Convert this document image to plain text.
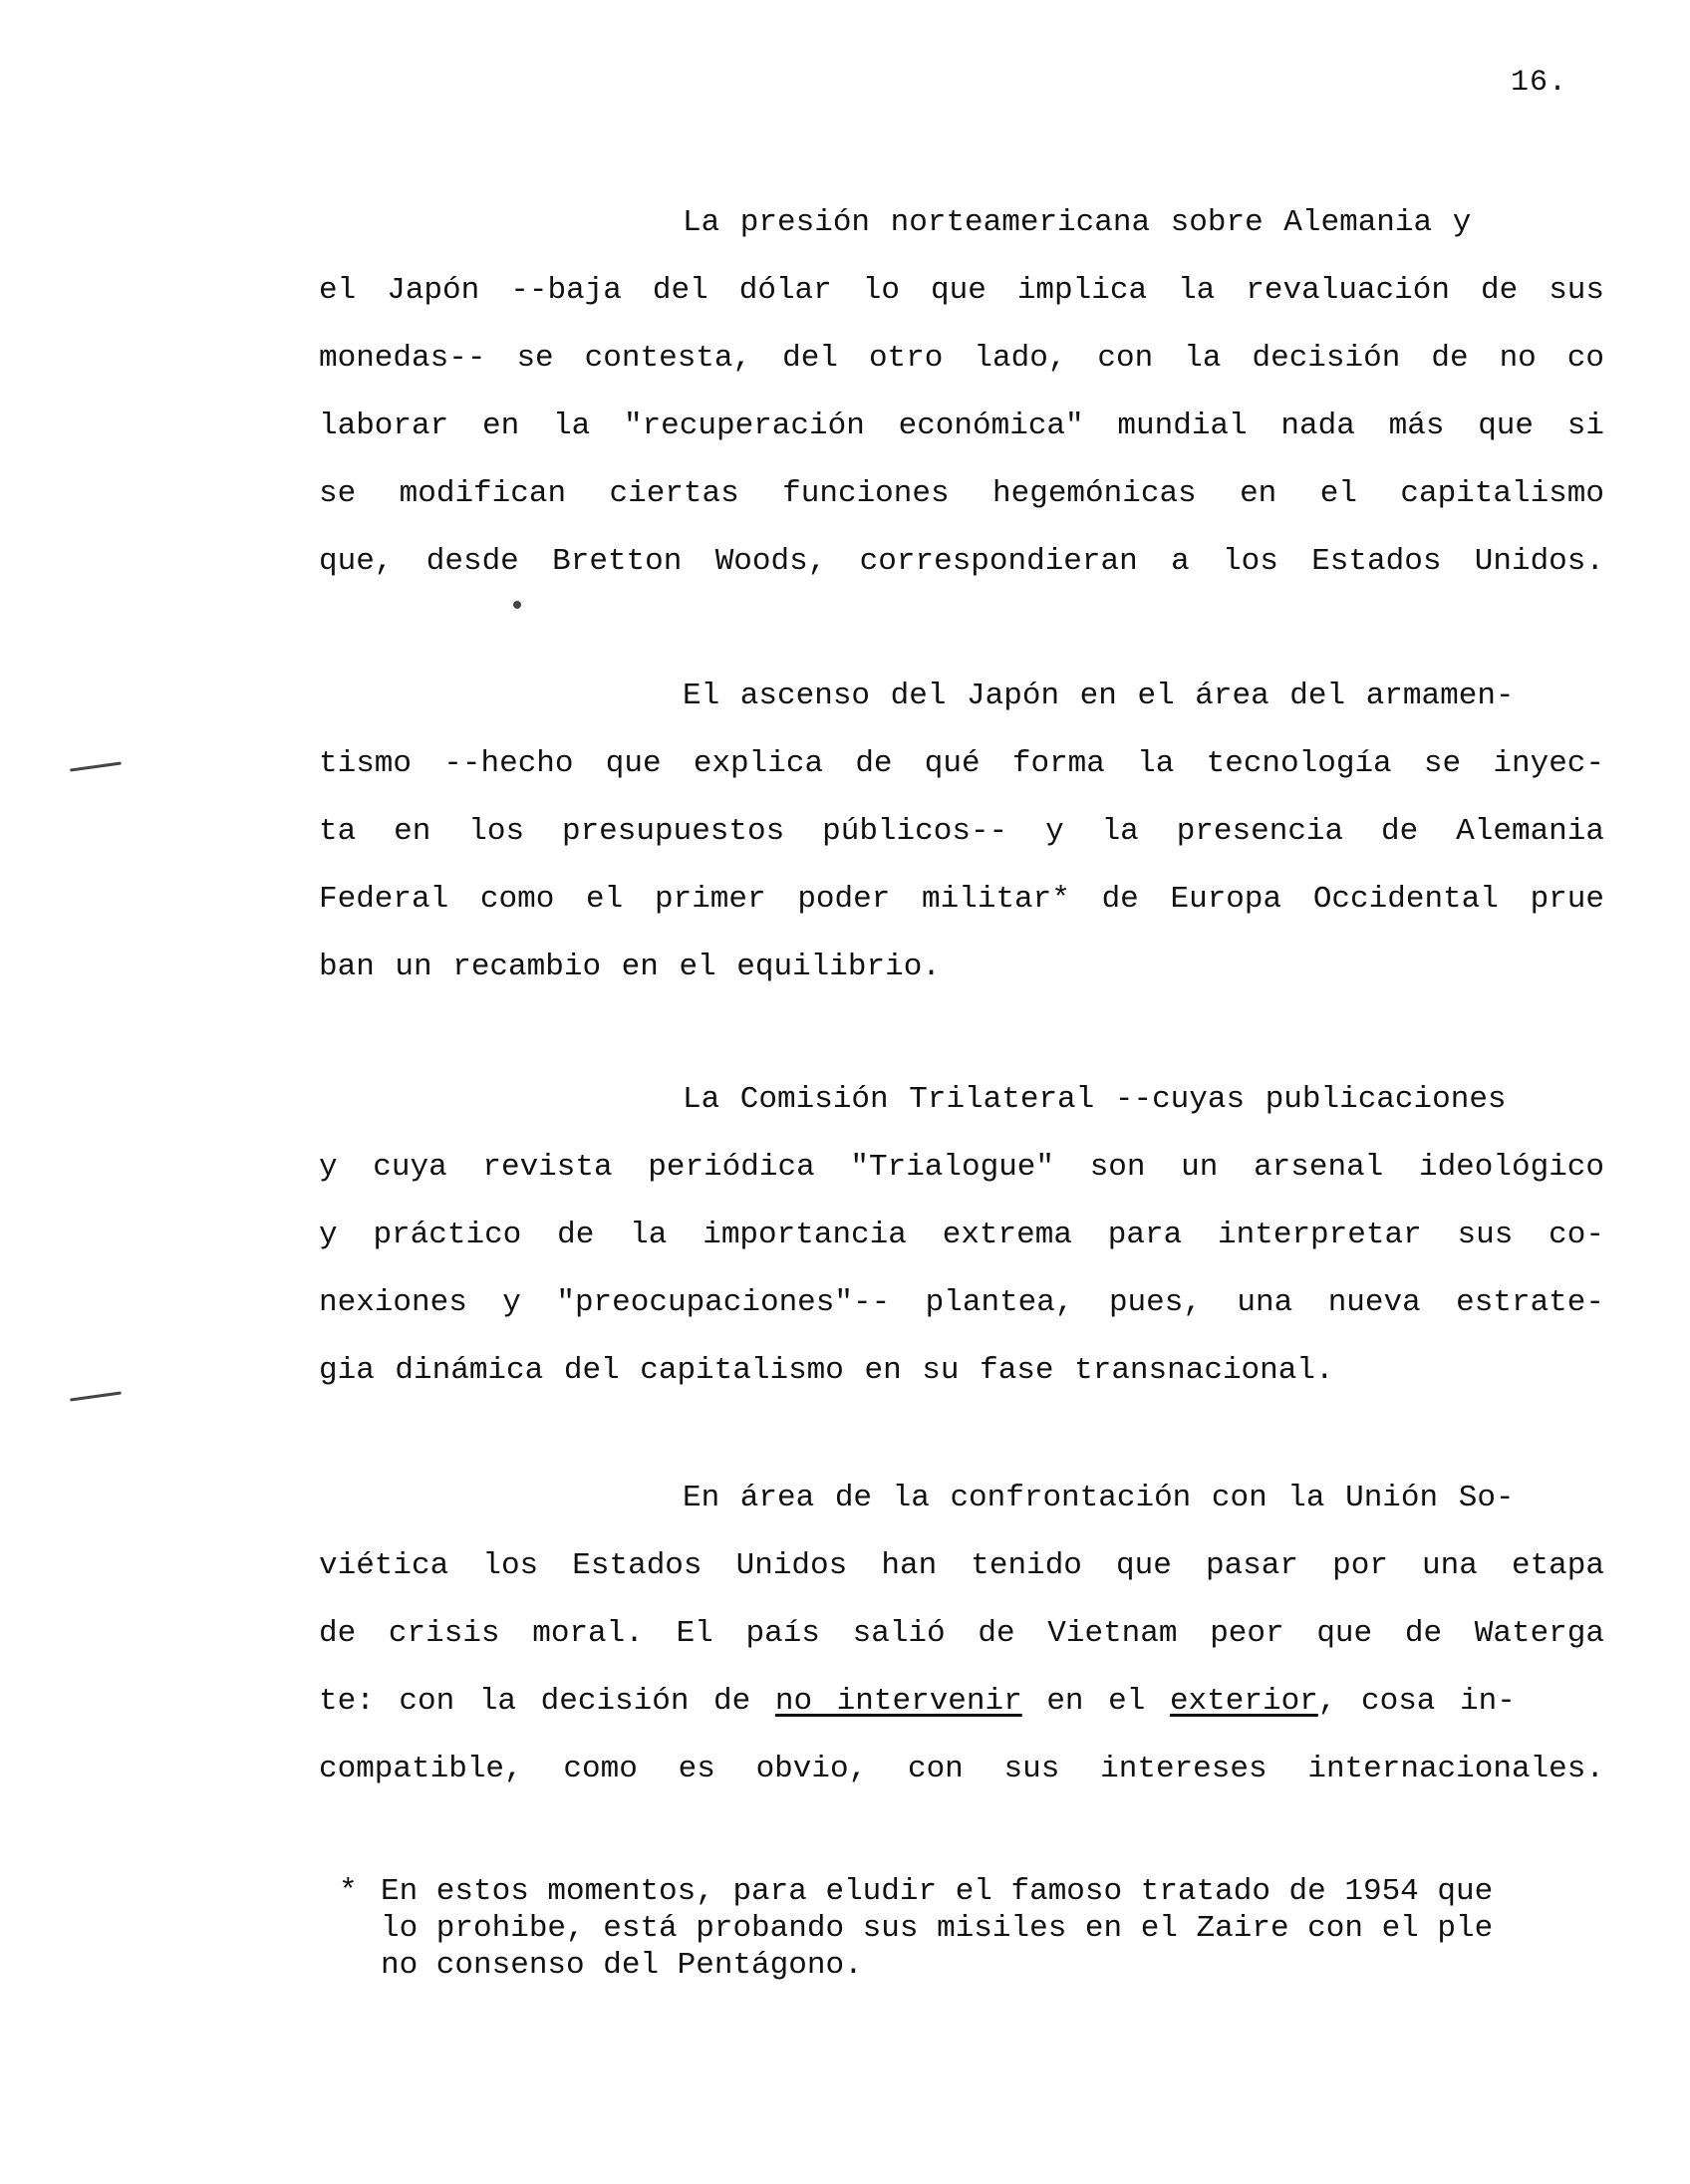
16.
La presión norteamericana sobre Alemania y
el Japón --baja del dólar lo que implica la revaluación de sus
monedas-- se contesta, del otro lado, con la decisión de no co
laborar en la "recuperación económica" mundial nada más que si
se modifican ciertas funciones hegemónicas en el capitalismo
que, desde Bretton Woods, correspondieran a los Estados Unidos.
El ascenso del Japón en el área del armamen-
tismo --hecho que explica de qué forma la tecnología se inyec-
ta en los presupuestos públicos-- y la presencia de Alemania
Federal como el primer poder militar* de Europa Occidental prue
ban un recambio en el equilibrio.
La Comisión Trilateral --cuyas publicaciones
y cuya revista periódica "Trialogue" son un arsenal ideológico
y práctico de la importancia extrema para interpretar sus co-
nexiones y "preocupaciones"-- plantea, pues, una nueva estrate-
gia dinámica del capitalismo en su fase transnacional.
En área de la confrontación con la Unión So-
viética los Estados Unidos han tenido que pasar por una etapa
de crisis moral. El país salió de Vietnam peor que de Waterga
te: con la decisión de no intervenir en el exterior, cosa in-
compatible, como es obvio, con sus intereses internacionales.
* En estos momentos, para eludir el famoso tratado de 1954 que
lo prohibe, está probando sus misiles en el Zaire con el ple
no consenso del Pentágono.
